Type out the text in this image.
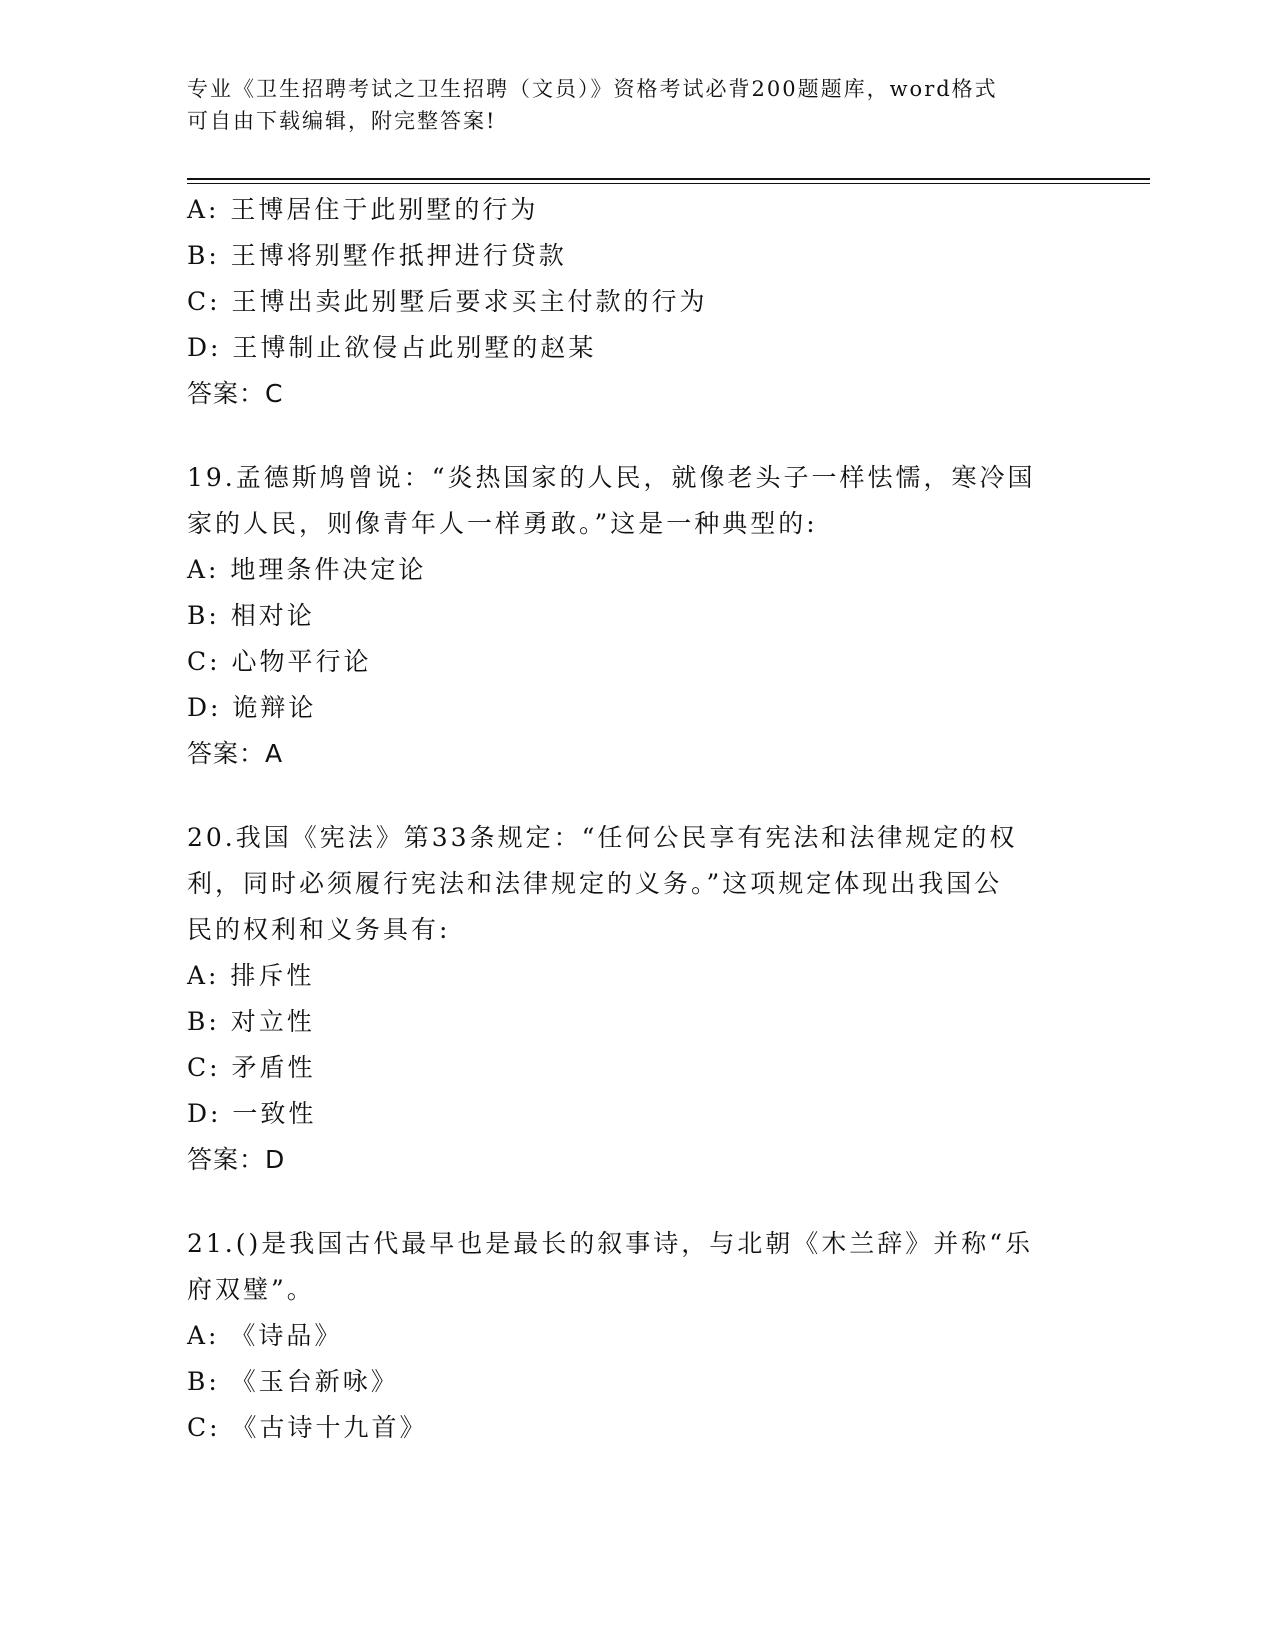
专业《卫生招聘考试之卫生招聘（文员）》资格考试必背200题题库，word格式
可自由下载编辑，附完整答案!
A: 王博居住于此别墅的行为
B: 王博将别墅作抵押进行贷款
C: 王博出卖此别墅后要求买主付款的行为
D: 王博制止欲侵占此别墅的赵某
答案：C
19.孟德斯鸠曾说：“炎热国家的人民，就像老头子一样怯懦，寒冷国
家的人民，则像青年人一样勇敢。”这是一种典型的:
A: 地理条件决定论
B: 相对论
C: 心物平行论
D: 诡辩论
答案：A
20.我国《宪法》第33条规定：“任何公民享有宪法和法律规定的权
利，同时必须履行宪法和法律规定的义务。”这项规定体现出我国公
民的权利和义务具有:
A: 排斥性
B: 对立性
C: 矛盾性
D: 一致性
答案：D
21.()是我国古代最早也是最长的叙事诗，与北朝《木兰辞》并称“乐
府双璧”。
A: 《诗品》
B: 《玉台新咏》
C: 《古诗十九首》
